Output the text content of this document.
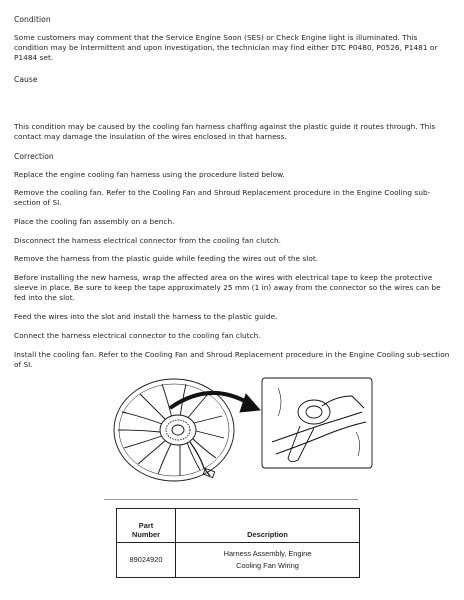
Condition

Some customers may comment that the Service Engine Soon (SES) or Check Engine light is illuminated. This condition may be intermittent and upon investigation, the technician may find either DTC P0480, P0526, P1481 or P1484 set.

Cause

This condition may be caused by the cooling fan harness chaffing against the plastic guide it routes through. This contact may damage the insulation of the wires enclosed in that harness.

Correction

Replace the engine cooling fan harness using the procedure listed below.

Remove the cooling fan. Refer to the Cooling Fan and Shroud Replacement procedure in the Engine Cooling sub-section of SI.

Place the cooling fan assembly on a bench.

Disconnect the harness electrical connector from the cooling fan clutch.

Remove the harness from the plastic guide while feeding the wires out of the slot.

Before installing the new harness, wrap the affected area on the wires with electrical tape to keep the protective sleeve in place. Be sure to keep the tape approximately 25 mm (1 in) away from the connector so the wires can be fed into the slot.

Feed the wires into the slot and install the harness to the plastic guide.

Connect the harness electrical connector to the cooling fan clutch.

Install the cooling fan. Refer to the Cooling Fan and Shroud Replacement procedure in the Engine Cooling sub-section of SI.

Part
Number	Description
89024920	Harness Assembly, Engine
Cooling Fan Wiring
